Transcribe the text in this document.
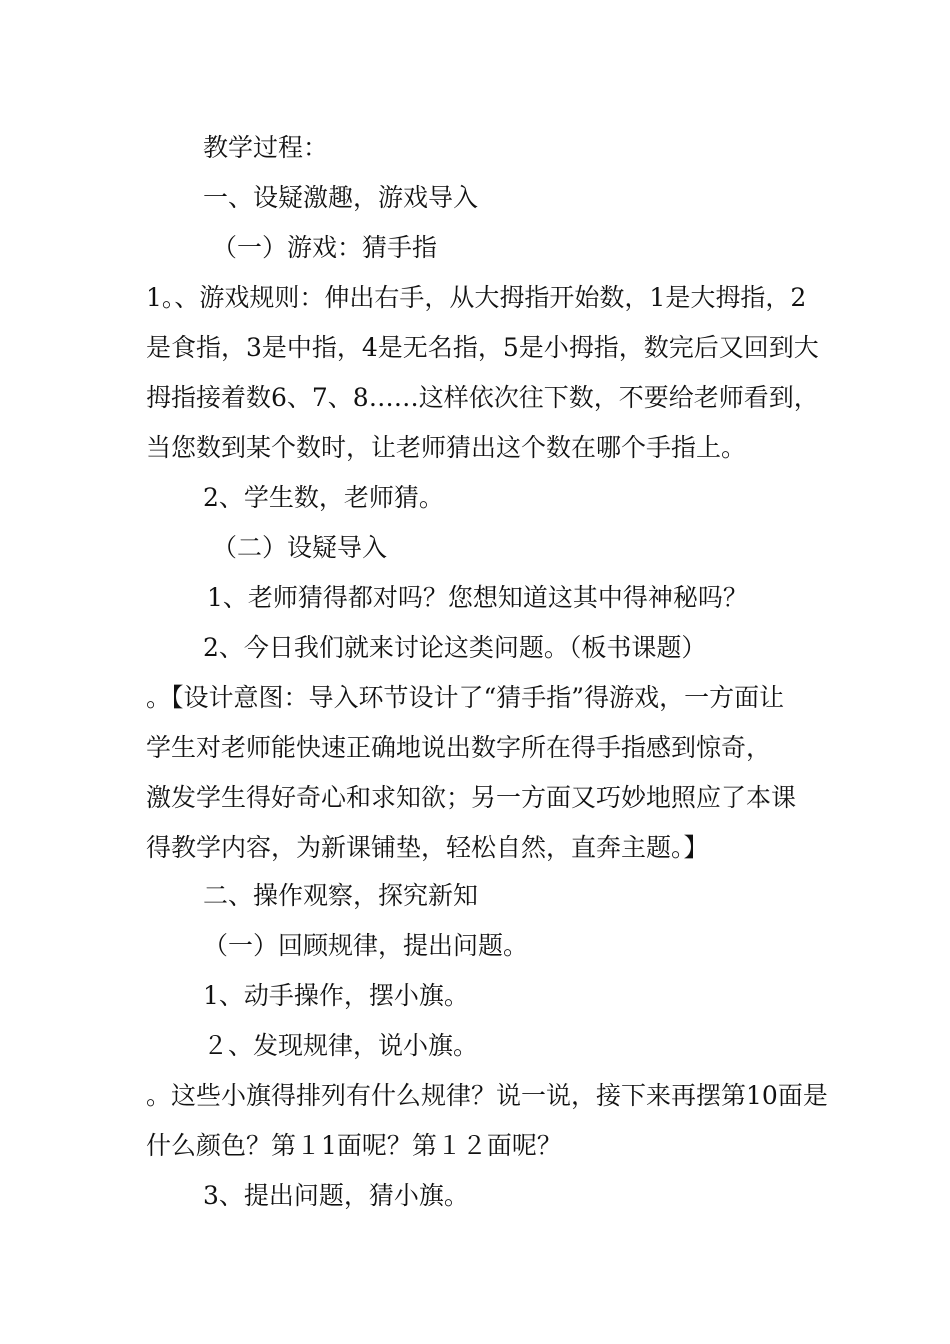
教学过程：
一、设疑激趣，游戏导入
（一）游戏：猜手指
1。、游戏规则：伸出右手，从大拇指开始数，1是大拇指，2
是食指，3是中指，4是无名指，5是小拇指，数完后又回到大
拇指接着数6、7、8……这样依次往下数，不要给老师看到，
当您数到某个数时，让老师猜出这个数在哪个手指上。
2、学生数，老师猜。
（二）设疑导入
1、老师猜得都对吗？您想知道这其中得神秘吗？
2、今日我们就来讨论这类问题。（板书课题）
。【设计意图：导入环节设计了“猜手指”得游戏，一方面让
学生对老师能快速正确地说出数字所在得手指感到惊奇，
激发学生得好奇心和求知欲；另一方面又巧妙地照应了本课
得教学内容，为新课铺垫，轻松自然，直奔主题。】
二、操作观察，探究新知
（一）回顾规律，提出问题。
1、动手操作，摆小旗。
２、发现规律，说小旗。
。这些小旗得排列有什么规律？说一说，接下来再摆第10面是
什么颜色？第１1面呢？第１２面呢？
3、提出问题，猜小旗。
